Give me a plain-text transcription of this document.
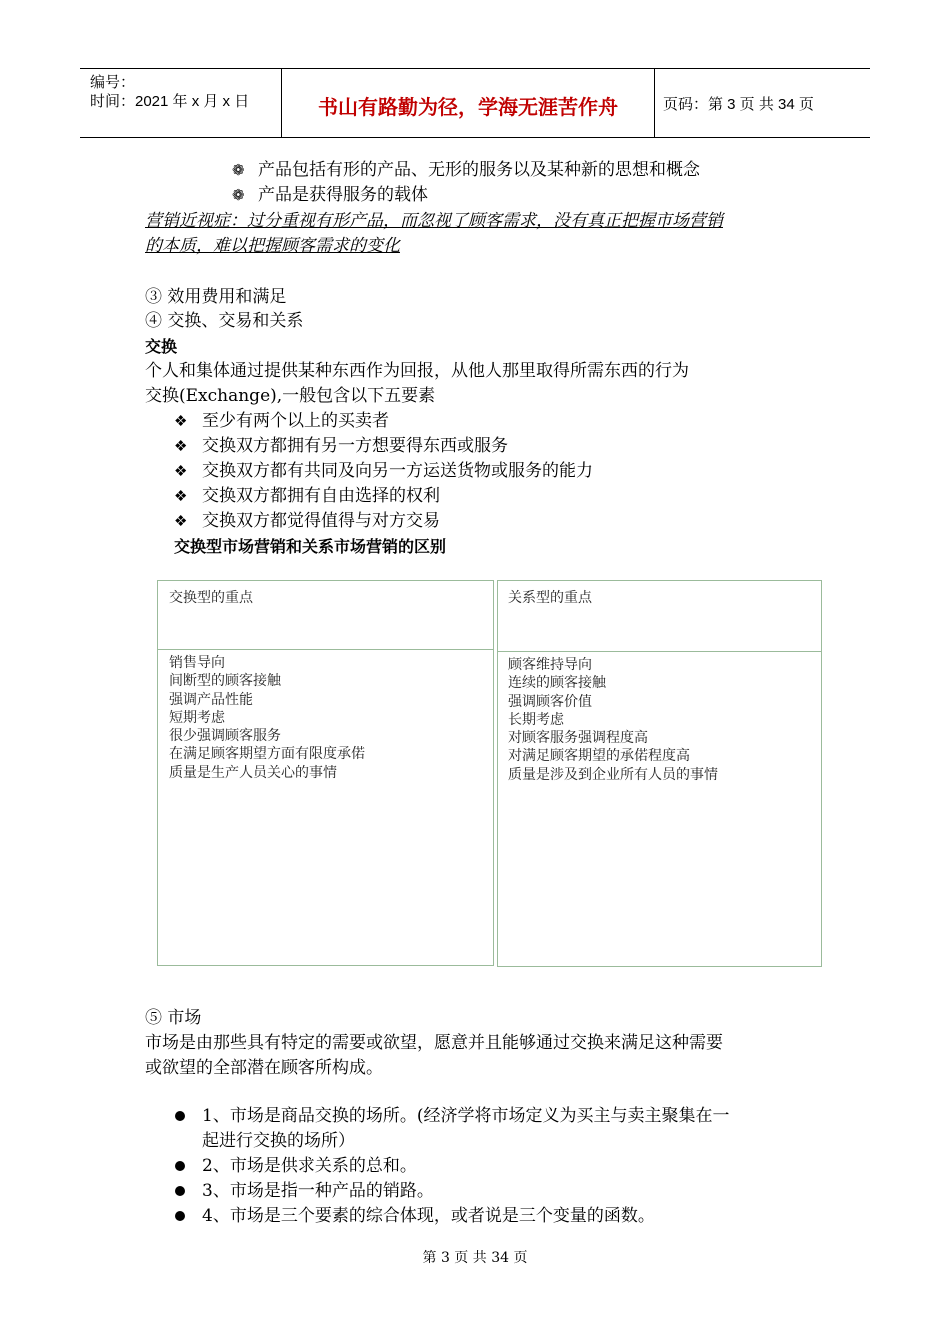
编号：
时间：2021 年 x 月 x 日	书山有路勤为径，学海无涯苦作舟	页码：第 3 页 共 34 页
❁ 产品包括有形的产品、无形的服务以及某种新的思想和概念
❁ 产品是获得服务的载体
营销近视症：过分重视有形产品，而忽视了顾客需求，没有真正把握市场营销
的本质，难以把握顾客需求的变化
③ 效用费用和满足
④ 交换、交易和关系
交换
个人和集体通过提供某种东西作为回报，从他人那里取得所需东西的行为
交换(Exchange),一般包含以下五要素
❖ 至少有两个以上的买卖者
❖ 交换双方都拥有另一方想要得东西或服务
❖ 交换双方都有共同及向另一方运送货物或服务的能力
❖ 交换双方都拥有自由选择的权利
❖ 交换双方都觉得值得与对方交易
交换型市场营销和关系市场营销的区别
交换型的重点
销售导向
间断型的顾客接触
强调产品性能
短期考虑
很少强调顾客服务
在满足顾客期望方面有限度承偌
质量是生产人员关心的事情
关系型的重点
顾客维持导向
连续的顾客接触
强调顾客价值
长期考虑
对顾客服务强调程度高
对满足顾客期望的承偌程度高
质量是涉及到企业所有人员的事情
⑤ 市场
市场是由那些具有特定的需要或欲望，愿意并且能够通过交换来满足这种需要
或欲望的全部潜在顾客所构成。
1、市场是商品交换的场所。(经济学将市场定义为买主与卖主聚集在一
起进行交换的场所）
2、市场是供求关系的总和。
3、市场是指一种产品的销路。
4、市场是三个要素的综合体现，或者说是三个变量的函数。
第 3 页 共 34 页
